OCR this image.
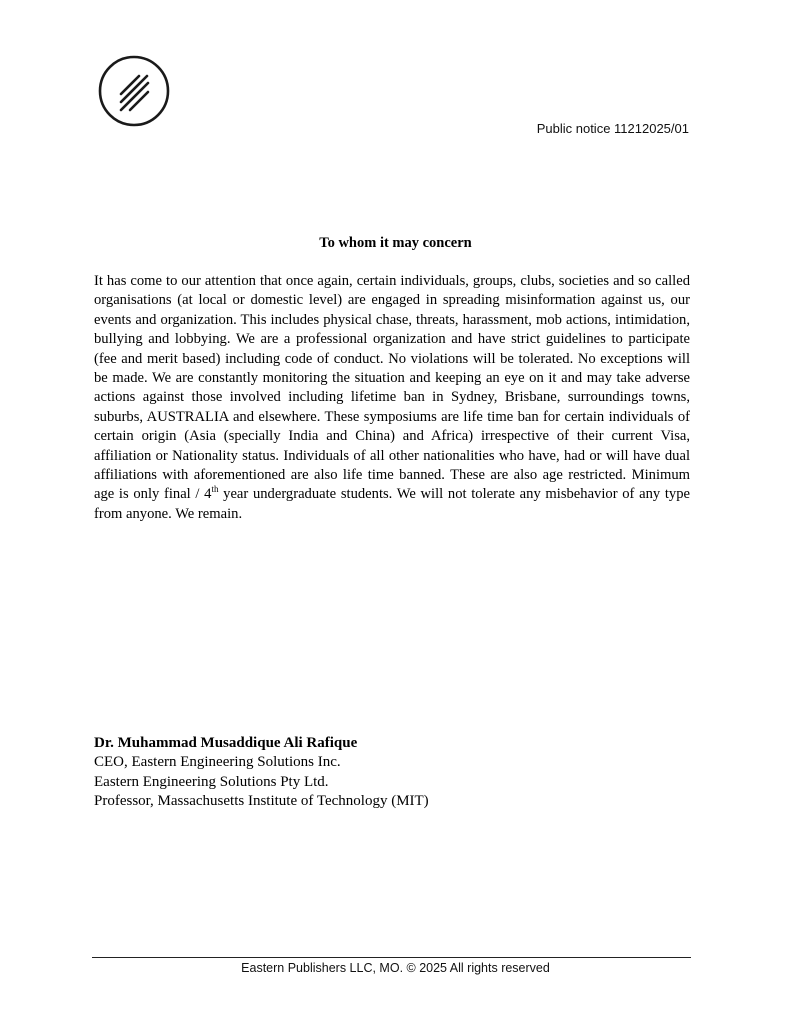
Public notice 11212025/01
To whom it may concern
It has come to our attention that once again, certain individuals, groups, clubs, societies and so called organisations (at local or domestic level) are engaged in spreading misinformation against us, our events and organization. This includes physical chase, threats, harassment, mob actions, intimidation, bullying and lobbying. We are a professional organization and have strict guidelines to participate (fee and merit based) including code of conduct. No violations will be tolerated. No exceptions will be made. We are constantly monitoring the situation and keeping an eye on it and may take adverse actions against those involved including lifetime ban in Sydney, Brisbane, surroundings towns, suburbs, AUSTRALIA and elsewhere. These symposiums are life time ban for certain individuals of certain origin (Asia (specially India and China) and Africa) irrespective of their current Visa, affiliation or Nationality status. Individuals of all other nationalities who have, had or will have dual affiliations with aforementioned are also life time banned. These are also age restricted. Minimum age is only final / 4th year undergraduate students. We will not tolerate any misbehavior of any type from anyone. We remain.
Dr. Muhammad Musaddique Ali Rafique
CEO, Eastern Engineering Solutions Inc.
Eastern Engineering Solutions Pty Ltd.
Professor, Massachusetts Institute of Technology (MIT)
Eastern Publishers LLC, MO. © 2025 All rights reserved
